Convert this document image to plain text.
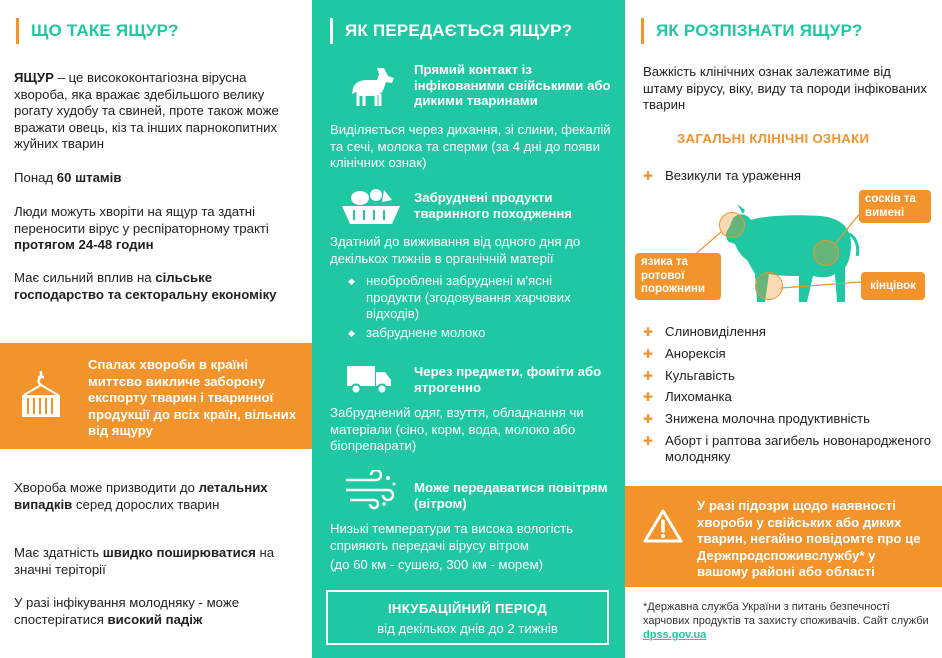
ЩО ТАКЕ ЯЩУР?

ЯЩУР – це висококонтагіозна вірусна хвороба, яка вражає здебільшого велику рогату худобу та свиней, проте також може вражати овець, кіз та інших парнокопитних жуйних тварин

Понад 60 штамів

Люди можуть хворіти на ящур та здатні переносити вірус у респіраторному тракті протягом 24-48 годин

Має сильний вплив на сільське господарство та секторальну економіку

Спалах хвороби в країні миттєво викличе заборону експорту тварин і тваринної продукції до всіх країн, вільних від ящуру

Хвороба може призводити до летальних випадків серед дорослих тварин

Має здатність швидко поширюватися на значні теріторії

У разі інфікування молодняку - може спостерігатися високий падіж

ЯК ПЕРЕДАЄТЬСЯ ЯЩУР?

Прямий контакт із інфікованими свійськими або дикими тваринами

Виділяється через дихання, зі слини, фекалій та сечі, молока та сперми (за 4 дні до появи клінічних ознак)

Забруднені продукти тваринного походження

Здатний до виживання від одного дня до декількох тижнів в органічній матерії

◆ необроблені забруднені м'ясні продукти (згодовування харчових відходів)
◆ забруднене молоко

Через предмети, фоміти або ятрогенно

Забруднений одяг, взуття, обладнання чи матеріали (сіно, корм, вода, молоко або біопрепарати)

Може передаватися повітрям (вітром)

Низькі температури та висока вологість сприяють передачі вірусу вітром

(до 60 км - сушею, 300 км - морем)

ІНКУБАЦІЙНИЙ ПЕРІОД

від декількох днів до 2 тижнів

ЯК РОЗПІЗНАТИ ЯЩУР?

Важкість клінічних ознак залежатиме від штаму вірусу, віку, виду та породи інфікованих тварин

ЗАГАЛЬНІ КЛІНІЧНІ ОЗНАКИ

✚ Везикули та ураження
сосків та вимені
язика та ротової порожнини	кінцівок
✚ Слиновиділення
✚ Анорексія
✚ Кульгавість
✚ Лихоманка
✚ Знижена молочна продуктивність
✚ Аборт і раптова загибель новонародженого молодняку

У разі підозри щодо наявності хвороби у свійських або диких тварин, негайно повідомте про це Держпродспоживслужбу* у вашому районі або області

*Державна служба України з питань безпечності харчових продуктів та захисту споживачів. Сайт служби dpss.gov.ua
